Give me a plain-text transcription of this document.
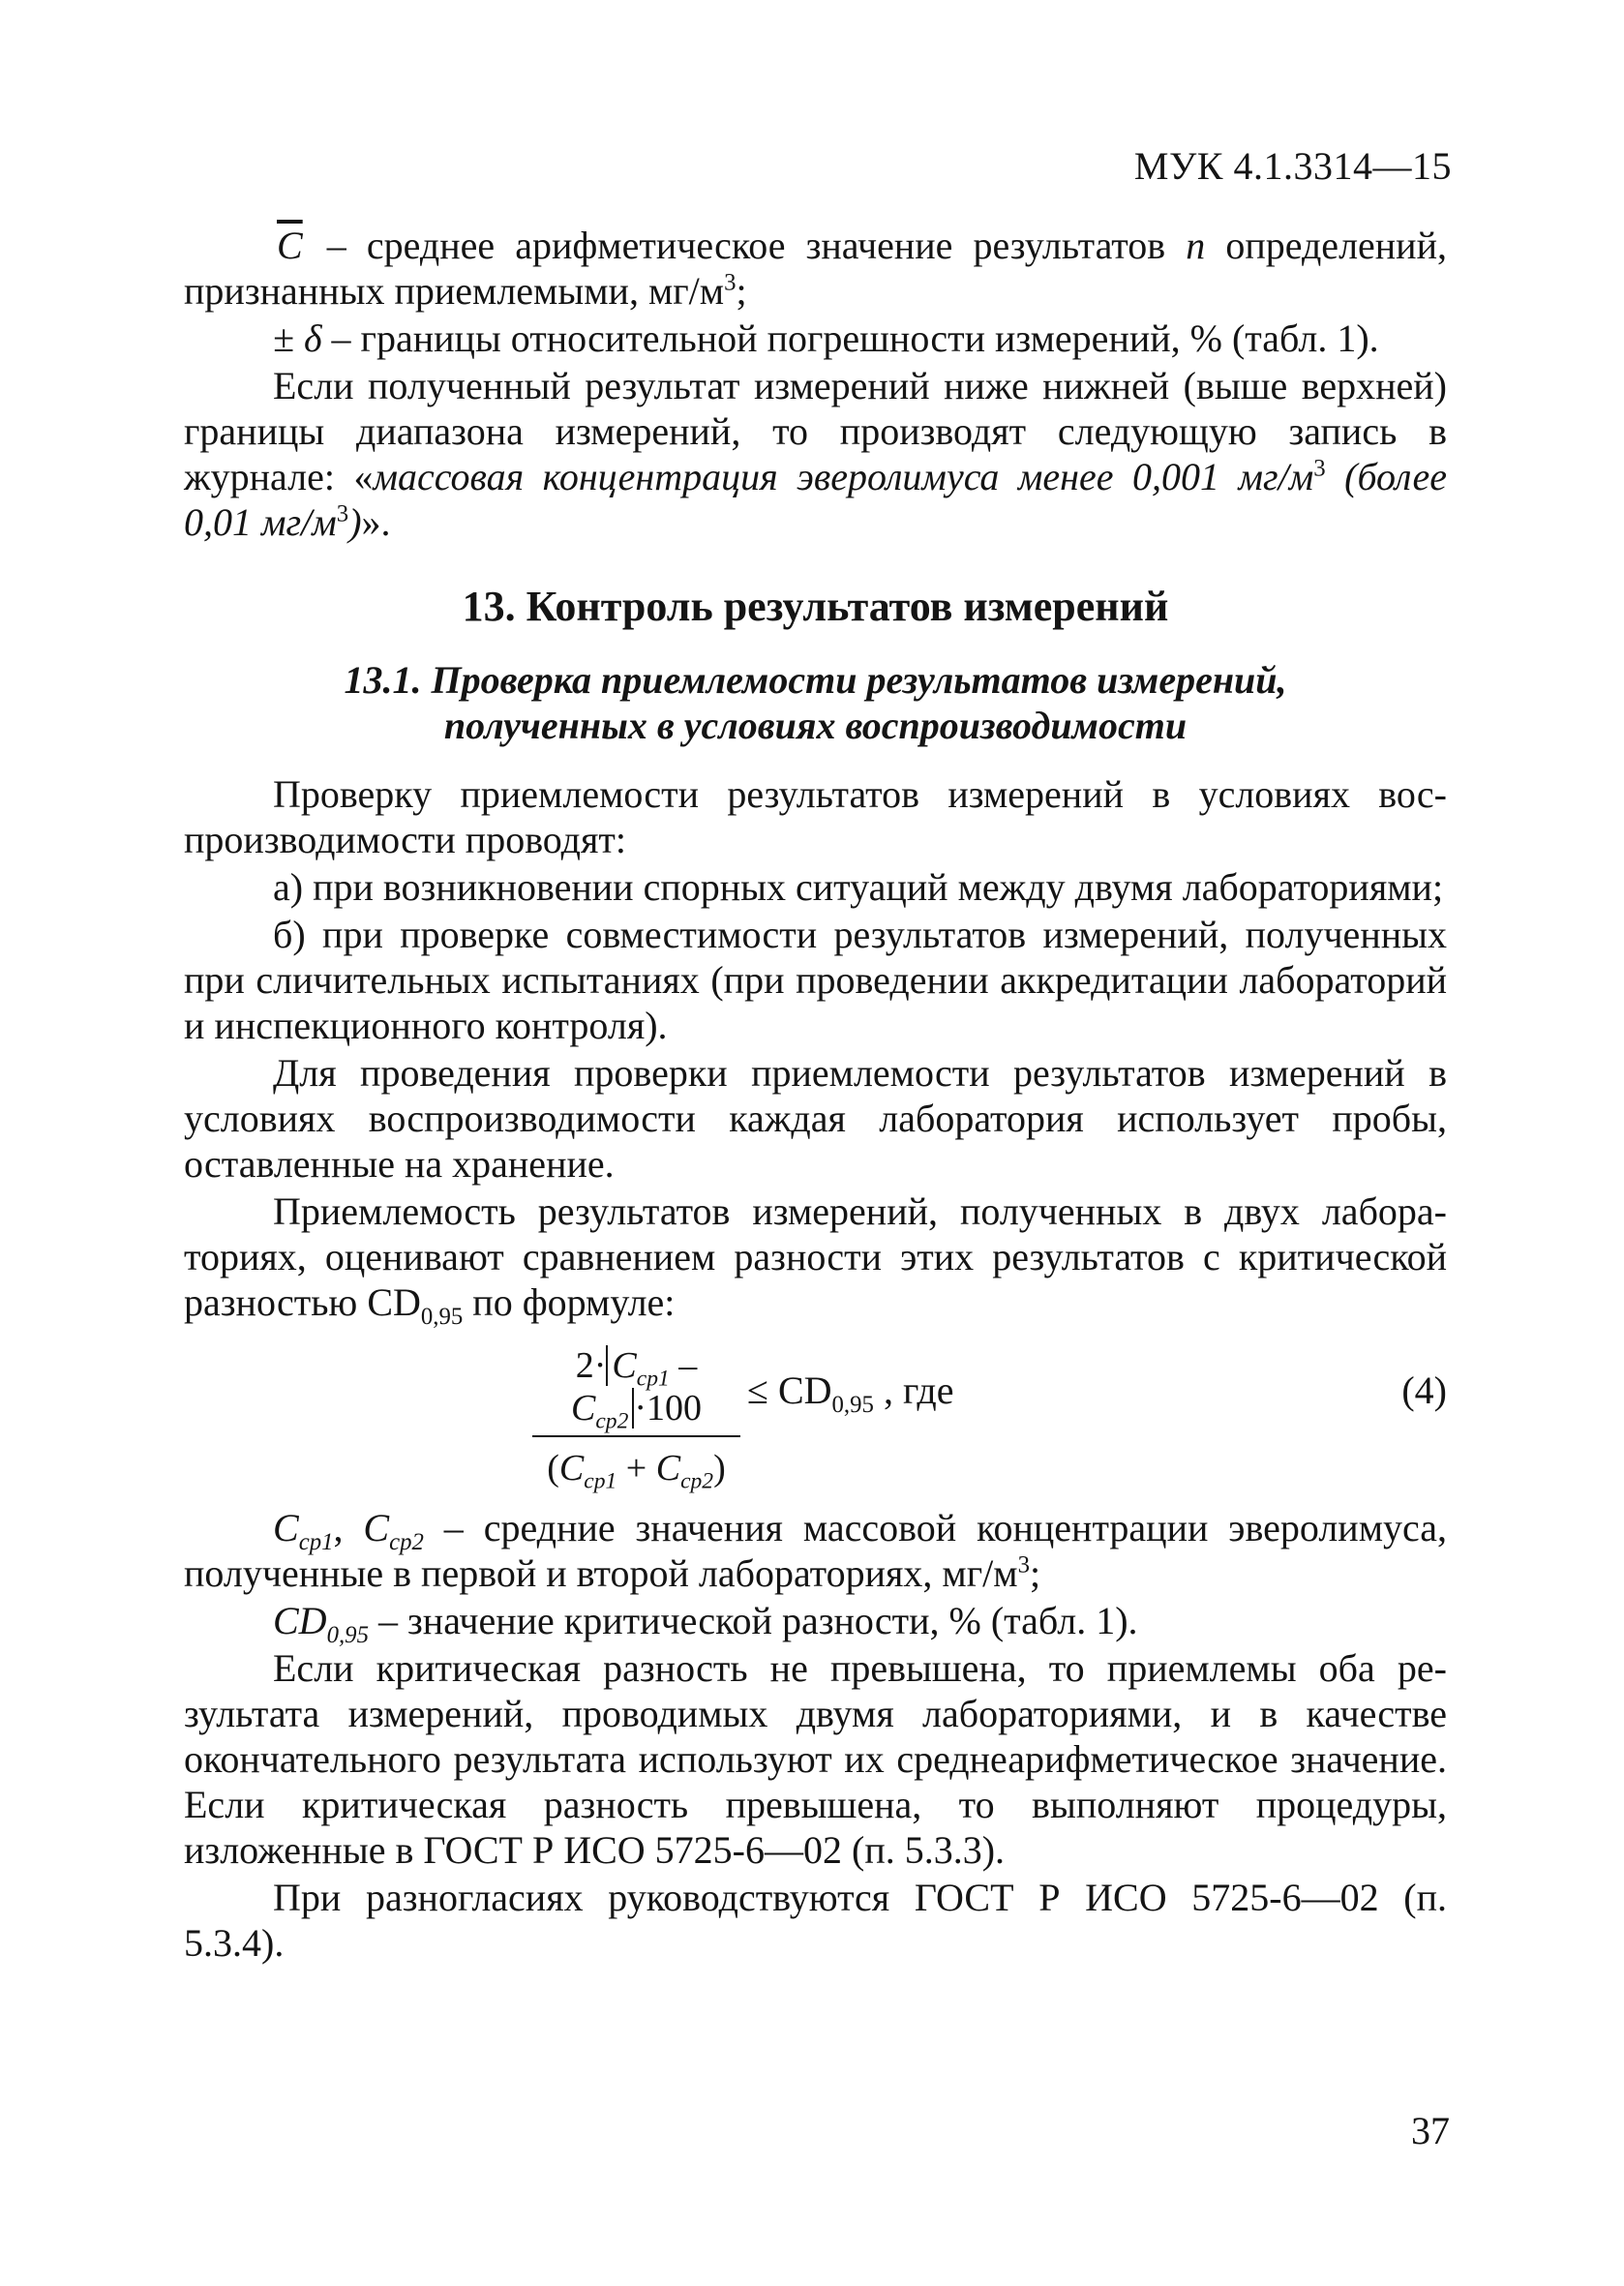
МУК 4.1.3314—15

$\overline{C}$ – среднее арифметическое значение результатов n определений, признанных приемлемыми, $мг/м^3$;

± δ – границы относительной погрешности измерений, % (табл. 1).

Если полученный результат измерений ниже нижней (выше верхней) границы диапазона измерений, то производят следующую запись в журнале: «массовая концентрация эверолимуса менее 0,001 $мг/м^3$ (более 0,01 $мг/м^3$)».

13. Контроль результатов измерений
13.1. Проверка приемлемости результатов измерений,
полученных в условиях воспроизводимости

Проверку приемлемости результатов измерений в условиях воспроизводимости проводят:

а) при возникновении спорных ситуаций между двумя лабораториями;

б) при проверке совместимости результатов измерений, полученных при сличительных испытаниях (при проведении аккредитации лабораторий и инспекционного контроля).

Для проведения проверки приемлемости результатов измерений в условиях воспроизводимости каждая лаборатория использует пробы, оставленные на хранение.

Приемлемость результатов измерений, полученных в двух лабораториях, оценивают сравнением разности этих результатов с критической разностью $CD_{0,95}$ по формуле:

$2\cdot C_{cp1} - C_{cp2} \cdot 100$
$(C_{cp1} + C_{cp2})$
≤ $CD_{0,95}$ , где	(4)

$C_{cp1}$, $C_{cp2}$ – средние значения массовой концентрации эверолимуса, полученные в первой и второй лабораториях, $мг/м^3$;

$CD_{0,95}$ – значение критической разности, % (табл. 1).

Если критическая разность не превышена, то приемлемы оба результата измерений, проводимых двумя лабораториями, и в качестве окончательного результата используют их среднеарифметическое значение. Если критическая разность превышена, то выполняют процедуры, изложенные в ГОСТ Р ИСО 5725-6—02 (п. 5.3.3).

При разногласиях руководствуются ГОСТ Р ИСО 5725-6—02 (п. 5.3.4).

37
